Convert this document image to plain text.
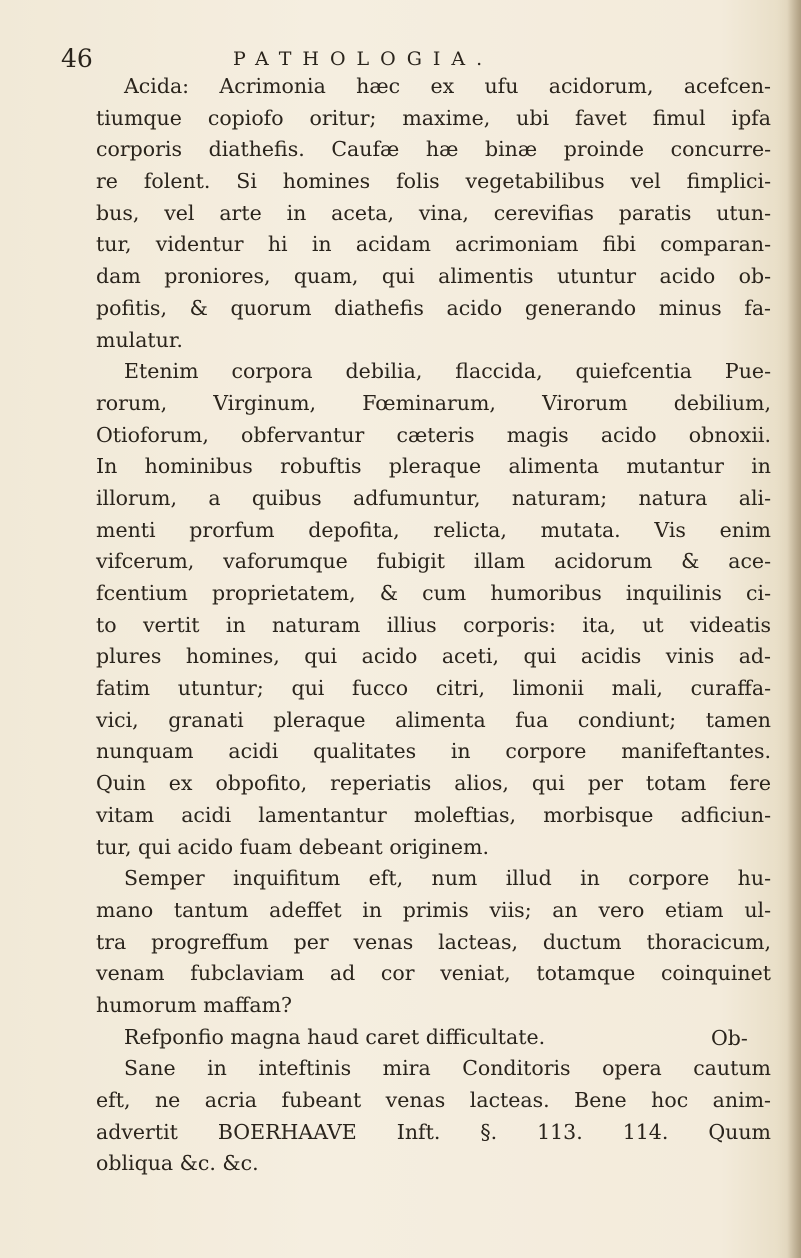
46	PATHOLOGIA.
Acida: Acrimonia hæc ex ufu acidorum, acefcen-
tiumque copiofo oritur; maxime, ubi favet fimul ipfa
corporis diathefis. Caufæ hæ binæ proinde concurre-
re folent. Si homines folis vegetabilibus vel fimplici-
bus, vel arte in aceta, vina, cerevifias paratis utun-
tur, videntur hi in acidam acrimoniam fibi comparan-
dam proniores, quam, qui alimentis utuntur acido ob-
pofitis, & quorum diathefis acido generando minus fa-
mulatur.
Etenim corpora debilia, flaccida, quiefcentia Pue-
rorum, Virginum, Fœminarum, Virorum debilium,
Otioforum, obfervantur cæteris magis acido obnoxii.
In hominibus robuftis pleraque alimenta mutantur in
illorum, a quibus adfumuntur, naturam; natura ali-
menti prorfum depofita, relicta, mutata. Vis enim
vifcerum, vaforumque fubigit illam acidorum & ace-
fcentium proprietatem, & cum humoribus inquilinis ci-
to vertit in naturam illius corporis: ita, ut videatis
plures homines, qui acido aceti, qui acidis vinis ad-
fatim utuntur; qui fucco citri, limonii mali, curaffa-
vici, granati pleraque alimenta fua condiunt; tamen
nunquam acidi qualitates in corpore manifeftantes.
Quin ex obpofito, reperiatis alios, qui per totam fere
vitam acidi lamentantur moleftias, morbisque adficiun-
tur, qui acido fuam debeant originem.
Semper inquifitum eft, num illud in corpore hu-
mano tantum adeffet in primis viis; an vero etiam ul-
tra progreffum per venas lacteas, ductum thoracicum,
venam fubclaviam ad cor veniat, totamque coinquinet
humorum maffam?
Refponfio magna haud caret difficultate.
Sane in inteftinis mira Conditoris opera cautum
eft, ne acria fubeant venas lacteas. Bene hoc anim-
advertit BOERHAAVE Inft. §. 113. 114. Quum
obliqua &c. &c.
Ob-
